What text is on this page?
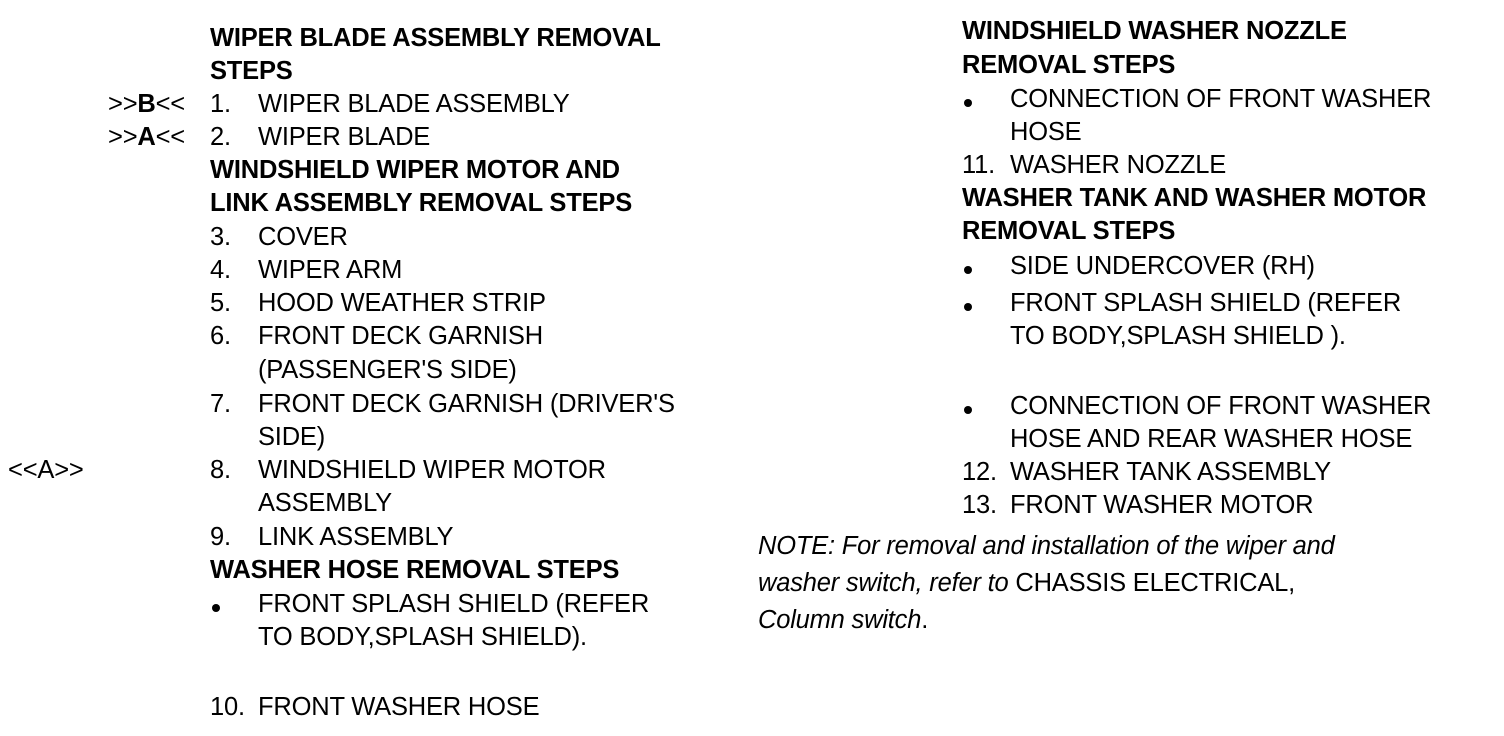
WIPER BLADE ASSEMBLY REMOVAL
STEPS
>>B<< 1. WIPER BLADE ASSEMBLY
>>A<< 2. WIPER BLADE
WINDSHIELD WIPER MOTOR AND
LINK ASSEMBLY REMOVAL STEPS
3. COVER
4. WIPER ARM
5. HOOD WEATHER STRIP
6. FRONT DECK GARNISH
(PASSENGER'S SIDE)
7. FRONT DECK GARNISH (DRIVER'S
SIDE)
<<A>>	8. WINDSHIELD WIPER MOTOR
ASSEMBLY
9. LINK ASSEMBLY
WASHER HOSE REMOVAL STEPS
FRONT SPLASH SHIELD (REFER
TO BODY,SPLASH SHIELD).
10. FRONT WASHER HOSE
WINDSHIELD WASHER NOZZLE
REMOVAL STEPS
CONNECTION OF FRONT WASHER
HOSE
11. WASHER NOZZLE
WASHER TANK AND WASHER MOTOR
REMOVAL STEPS
SIDE UNDERCOVER (RH)
FRONT SPLASH SHIELD (REFER
TO BODY,SPLASH SHIELD ).
CONNECTION OF FRONT WASHER
HOSE AND REAR WASHER HOSE
12. WASHER TANK ASSEMBLY
13. FRONT WASHER MOTOR
NOTE: For removal and installation of the wiper and
washer switch, refer to CHASSIS ELECTRICAL,
Column switch.
